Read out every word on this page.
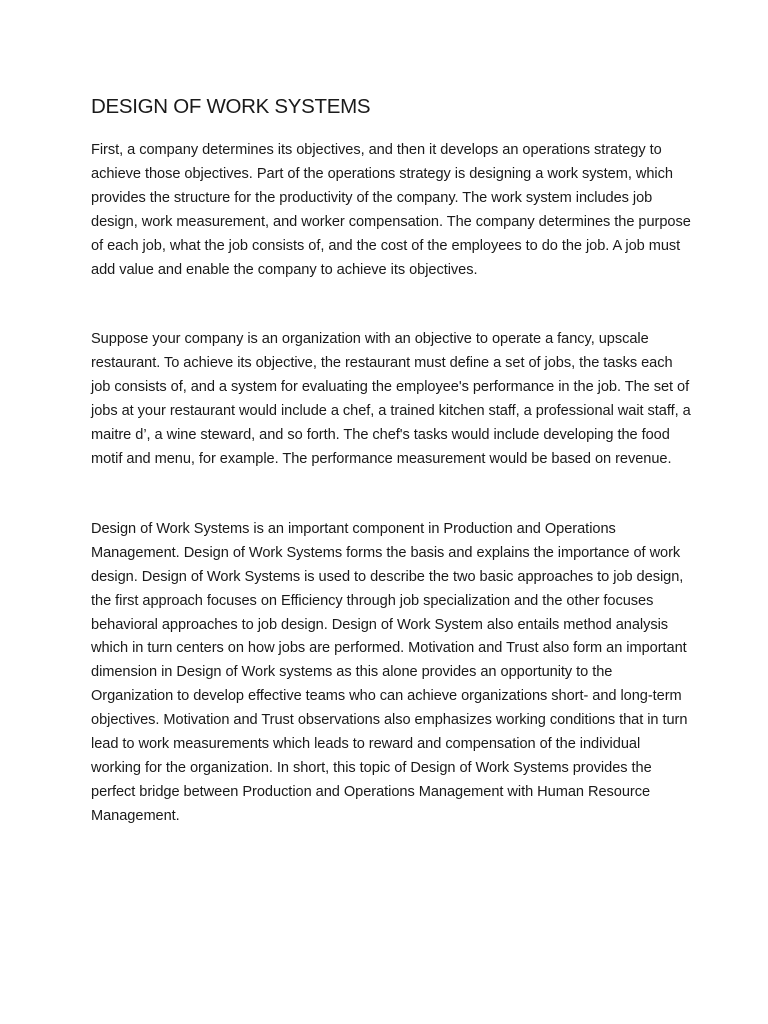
DESIGN OF WORK SYSTEMS

First, a company determines its objectives, and then it develops an operations strategy to achieve those objectives. Part of the operations strategy is designing a work system, which provides the structure for the productivity of the company. The work system includes job design, work measurement, and worker compensation. The company determines the purpose of each job, what the job consists of, and the cost of the employees to do the job. A job must add value and enable the company to achieve its objectives.

Suppose your company is an organization with an objective to operate a fancy, upscale restaurant. To achieve its objective, the restaurant must define a set of jobs, the tasks each job consists of, and a system for evaluating the employee's performance in the job. The set of jobs at your restaurant would include a chef, a trained kitchen staff, a professional wait staff, a maitre d’, a wine steward, and so forth. The chef's tasks would include developing the food motif and menu, for example. The performance measurement would be based on revenue.

Design of Work Systems is an important component in Production and Operations Management. Design of Work Systems forms the basis and explains the importance of work design. Design of Work Systems is used to describe the two basic approaches to job design, the first approach focuses on Efficiency through job specialization and the other focuses behavioral approaches to job design. Design of Work System also entails method analysis which in turn centers on how jobs are performed. Motivation and Trust also form an important dimension in Design of Work systems as this alone provides an opportunity to the Organization to develop effective teams who can achieve organizations short- and long-term objectives. Motivation and Trust observations also emphasizes working conditions that in turn lead to work measurements which leads to reward and compensation of the individual working for the organization. In short, this topic of Design of Work Systems provides the perfect bridge between Production and Operations Management with Human Resource Management.
